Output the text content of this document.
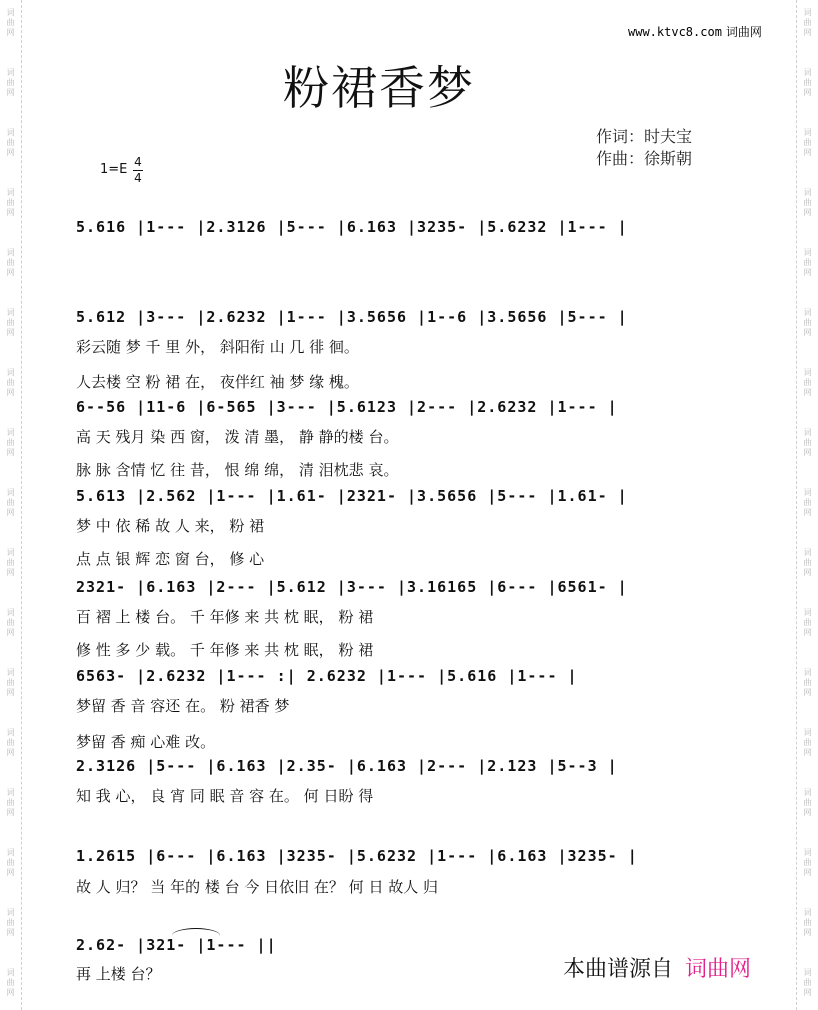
词
曲
网
词
曲
网
词
曲
网
词
曲
网
词
曲
网
词
曲
网
词
曲
网
词
曲
网
词
曲
网
词
曲
网
词
曲
网
词
曲
网
词
曲
网
词
曲
网
词
曲
网
词
曲
网
词
曲
网
词
曲
网
词
曲
网
词
曲
网
词
曲
网
词
曲
网
词
曲
网
词
曲
网
词
曲
网
词
曲
网
词
曲
网
词
曲
网
词
曲
网
词
曲
网
词
曲
网
词
曲
网
词
曲
网
词
曲
网
www.ktvc8.com 词曲网
粉裙香梦
作词：时夫宝
作曲：徐斯朝
1=E 4
4
5.616 |1--- |2.3126 |5--- |6.163 |3235- |5.6232 |1--- |
5.612 |3--- |2.6232 |1--- |3.5656 |1--6 |3.5656 |5--- |
彩云随 梦 千 里 外， 斜阳衔 山 几 徘 徊。
人去楼 空 粉 裙 在， 夜伴红 袖 梦 缘 槐。
6--56 |11-6 |6-565 |3--- |5.6123 |2--- |2.6232 |1--- |
高 天 残月 染 西 窗， 泼 清 墨， 静 静的楼 台。
脉 脉 含情 忆 往 昔， 恨 绵 绵， 清 泪枕悲 哀。
5.613 |2.562 |1--- |1.61- |2321- |3.5656 |5--- |1.61- |
梦 中 依 稀 故 人 来， 粉 裙
点 点 银 辉 恋 窗 台， 修 心
2321- |6.163 |2--- |5.612 |3--- |3.16165 |6--- |6561- |
百 褶 上 楼 台。 千 年修 来 共 枕 眠， 粉 裙
修 性 多 少 载。 千 年修 来 共 枕 眠， 粉 裙
6563- |2.6232 |1--- :| 2.6232 |1--- |5.616 |1--- |
梦留 香 音 容还 在。 粉 裙香 梦
梦留 香 痴 心难 改。
2.3126 |5--- |6.163 |2.35- |6.163 |2--- |2.123 |5--3 |
知 我 心， 良 宵 同 眠 音 容 在。 何 日盼 得
1.2615 |6--- |6.163 |3235- |5.6232 |1--- |6.163 |3235- |
故 人 归？ 当 年的 楼 台 今 日依旧 在？ 何 日 故人 归
2.62- |321- |1--- ||
再 上楼 台？	本曲谱源自 词曲网
